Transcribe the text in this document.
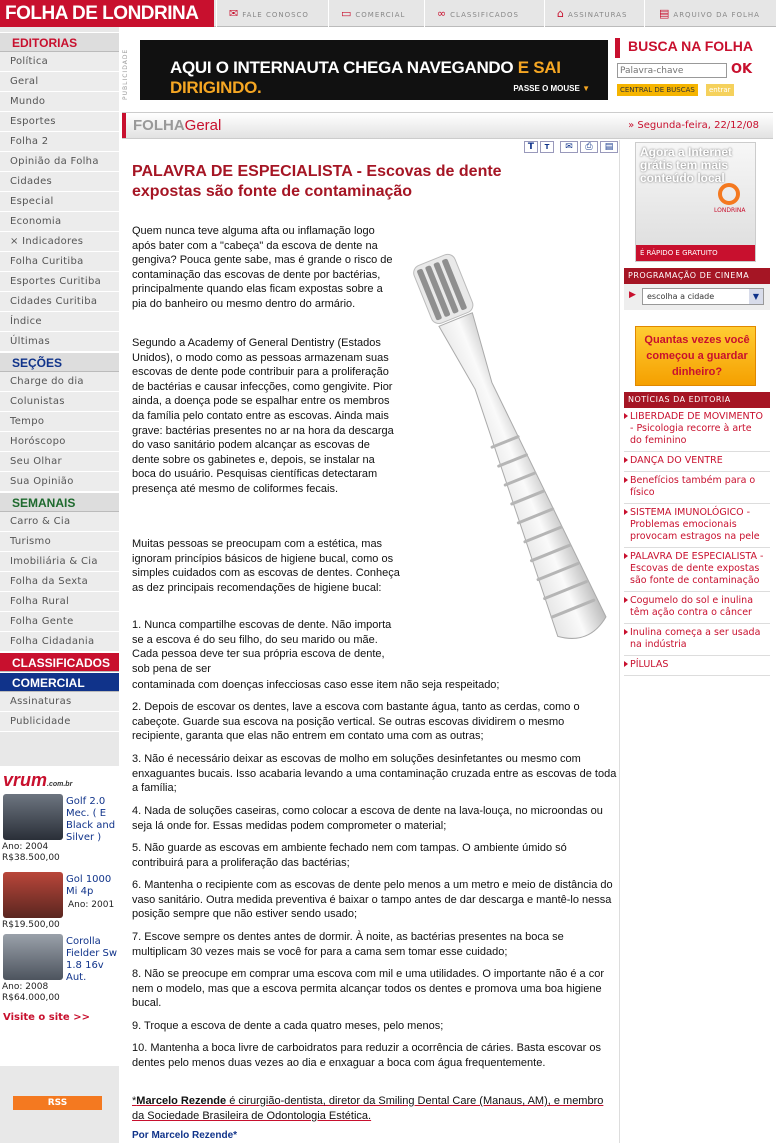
FOLHA DE LONDRINA	✉ FALE CONOSCO	▭ COMERCIAL	∞ CLASSIFICADOS	⌂ ASSINATURAS	▤ ARQUIVO DA FOLHA
EDITORIAS
Política
Geral
Mundo
Esportes
Folha 2
Opinião da Folha
Cidades
Especial
Economia
× Indicadores
Folha Curitiba
Esportes Curitiba
Cidades Curitiba
Índice
Últimas
SEÇÕES
Charge do dia
Colunistas
Tempo
Horóscopo
Seu Olhar
Sua Opinião
SEMANAIS
Carro & Cia
Turismo
Imobiliária & Cia
Folha da Sexta
Folha Rural
Folha Gente
Folha Cidadania
CLASSIFICADOS
COMERCIAL
Assinaturas
Publicidade
vrum.com.br
Golf 2.0 Mec. ( E Black and Silver )
Ano: 2004
R$38.500,00
Gol 1000 Mi 4p
Ano: 2001
R$19.500,00
Corolla Fielder Sw 1.8 16v Aut.
Ano: 2008
R$64.000,00
Visite o site >>
RSS
PUBLICIDADE AQUI O INTERNAUTA CHEGA NAVEGANDO E SAI DIRIGINDO.	PASSE O MOUSE ▼
BUSCA NA FOLHA
Palavra-chave
OK
CENTRAL DE BUSCAS	entrar
FOLHAGeral	» Segunda-feira, 22/12/08
T	T	✉	⎙	▤
PALAVRA DE ESPECIALISTA - Escovas de dente expostas são fonte de contaminação
Quem nunca teve alguma afta ou inflamação logo após bater com a "cabeça" da escova de dente na gengiva? Pouca gente sabe, mas é grande o risco de contaminação das escovas de dente por bactérias, principalmente quando elas ficam expostas sobre a pia do banheiro ou mesmo dentro do armário.
Segundo a Academy of General Dentistry (Estados Unidos), o modo como as pessoas armazenam suas escovas de dente pode contribuir para a proliferação de bactérias e causar infecções, como gengivite. Pior ainda, a doença pode se espalhar entre os membros da família pelo contato entre as escovas. Ainda mais grave: bactérias presentes no ar na hora da descarga do vaso sanitário podem alcançar as escovas de dente sobre os gabinetes e, depois, se instalar na boca do usuário. Pesquisas científicas detectaram presença até mesmo de coliformes fecais.
Muitas pessoas se preocupam com a estética, mas ignoram princípios básicos de higiene bucal, como os simples cuidados com as escovas de dentes. Conheça as dez principais recomendações de higiene bucal:
1. Nunca compartilhe escovas de dente. Não importa se a escova é do seu filho, do seu marido ou mãe. Cada pessoa deve ter sua própria escova de dente, sob pena de ser
contaminada com doenças infecciosas caso esse item não seja respeitado;
2. Depois de escovar os dentes, lave a escova com bastante água, tanto as cerdas, como o cabeçote. Guarde sua escova na posição vertical. Se outras escovas dividirem o mesmo recipiente, garanta que elas não entrem em contato uma com as outras;
3. Não é necessário deixar as escovas de molho em soluções desinfetantes ou mesmo com enxaguantes bucais. Isso acabaria levando a uma contaminação cruzada entre as escovas de toda a família;
4. Nada de soluções caseiras, como colocar a escova de dente na lava-louça, no microondas ou seja lá onde for. Essas medidas podem comprometer o material;
5. Não guarde as escovas em ambiente fechado nem com tampas. O ambiente úmido só contribuirá para a proliferação das bactérias;
6. Mantenha o recipiente com as escovas de dente pelo menos a um metro e meio de distância do vaso sanitário. Outra medida preventiva é baixar o tampo antes de dar descarga e mantê-lo nessa posição sempre que não estiver sendo usado;
7. Escove sempre os dentes antes de dormir. À noite, as bactérias presentes na boca se multiplicam 30 vezes mais se você for para a cama sem tomar esse cuidado;
8. Não se preocupe em comprar uma escova com mil e uma utilidades. O importante não é a cor nem o modelo, mas que a escova permita alcançar todos os dentes e promova uma boa higiene bucal.
9. Troque a escova de dente a cada quatro meses, pelo menos;
10. Mantenha a boca livre de carboidratos para reduzir a ocorrência de cáries. Basta escovar os dentes pelo menos duas vezes ao dia e enxaguar a boca com água frequentemente.
*Marcelo Rezende é cirurgião-dentista, diretor da Smiling Dental Care (Manaus, AM), e membro da Sociedade Brasileira de Odontologia Estética.
Por Marcelo Rezende*
Agora a Internet grátis tem mais conteúdo local
LONDRINA
É RÁPIDO E GRATUITO
PROGRAMAÇÃO DE CINEMA
▶	escolha a cidade	▼
Quantas vezes você começou a guardar dinheiro?
NOTÍCIAS DA EDITORIA
LIBERDADE DE MOVIMENTO - Psicologia recorre à arte do feminino
DANÇA DO VENTRE
Benefícios também para o físico
SISTEMA IMUNOLÓGICO - Problemas emocionais provocam estragos na pele
PALAVRA DE ESPECIALISTA - Escovas de dente expostas são fonte de contaminação
Cogumelo do sol e inulina têm ação contra o câncer
Inulina começa a ser usada na indústria
PÍLULAS
